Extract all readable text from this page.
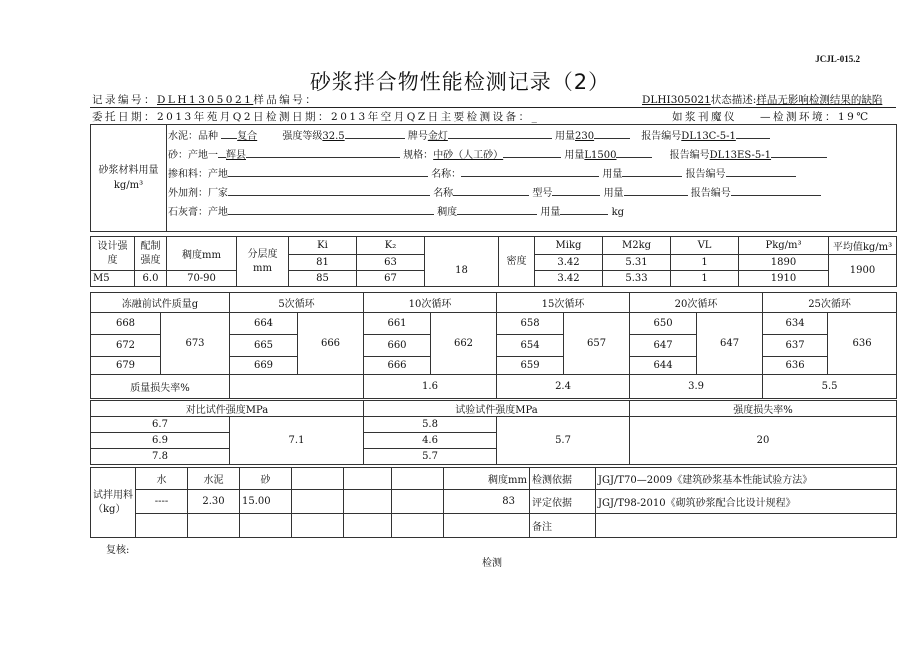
JCJL-015.2
砂浆拌合物性能检测记录（2）
记录编号：DLH1305021样品编号：	DLHI305021状态描述:样品无影响检测结果的缺陷
委托日期：2013年苑月Q2日检测日期：2013年空月QZ日主要检测设备：_	如浆刊魔仪 —检测环境：19℃
砂浆材料用量
kg/m³	
水泥：品种 复合	强度等级32.5	牌号金灯	用量230	报告编号DL13C-5-1
砂：产地一 辉县	规格：中砂（人工砂）	用量L1500	报告编号DL13ES-5-1
掺和料：产地	名称：	用量	报告编号
外加剂：厂家	名称	型号	用量	报告编号
石灰膏：产地	稠度	用量	kg
设计强度	配制强度	稠度mm	分层度mm	Ki	K₂		密度	Mikg	M2kg	VL	Pkg/m³	平均值kg/m³
				81	63	18		3.42	5.31	1	1890	1900
M5	6.0	70-90		85	67			3.42	5.33	1	1910	
冻融前试件质量g		5次循环		10次循环		15次循环		20次循环		25次循环	
668	673	664	666	661	662	658	657	650	647	634	636
672		665		660		654		647		637	
679		669		666		659		644		636	
质量损失率%				1.6		2.4		3.9		5.5	
对比试件强度MPa		试验试件强度MPa		强度损失率%
6.7	7.1	5.8	5.7	20
6.9		4.6		
7.8		5.7		
试拌用料（kg）	水	水泥	砂				稠度mm	检测依据	JGJ/T70—2009《建筑砂浆基本性能试验方法》
	----	2.30	15.00				83	评定依据	JGJ/T98-2010《砌筑砂浆配合比设计规程》
								备注	
复核:
检测
